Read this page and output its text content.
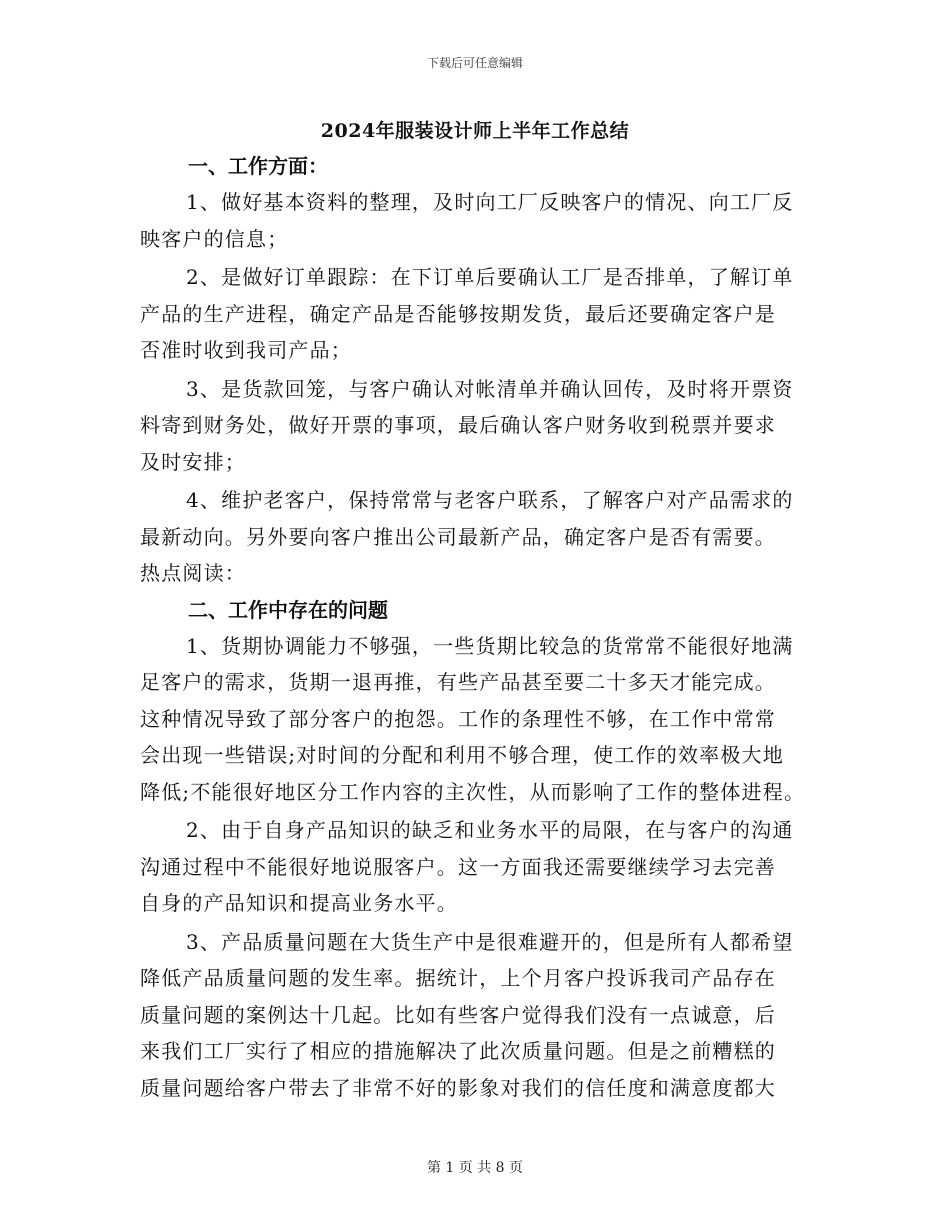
下载后可任意编辑
2024年服装设计师上半年工作总结
一、工作方面：

1、做好基本资料的整理，及时向工厂反映客户的情况、向工厂反
映客户的信息；

2、是做好订单跟踪：在下订单后要确认工厂是否排单，了解订单
产品的生产进程，确定产品是否能够按期发货，最后还要确定客户是
否准时收到我司产品；

3、是货款回笼，与客户确认对帐清单并确认回传，及时将开票资
料寄到财务处，做好开票的事项，最后确认客户财务收到税票并要求
及时安排；

4、维护老客户，保持常常与老客户联系，了解客户对产品需求的
最新动向。另外要向客户推出公司最新产品，确定客户是否有需要。
热点阅读：

二、工作中存在的问题

1、货期协调能力不够强，一些货期比较急的货常常不能很好地满
足客户的需求，货期一退再推，有些产品甚至要二十多天才能完成。
这种情况导致了部分客户的抱怨。工作的条理性不够，在工作中常常
会出现一些错误;对时间的分配和利用不够合理，使工作的效率极大地
降低;不能很好地区分工作内容的主次性，从而影响了工作的整体进程。

2、由于自身产品知识的缺乏和业务水平的局限，在与客户的沟通
沟通过程中不能很好地说服客户。这一方面我还需要继续学习去完善
自身的产品知识和提高业务水平。

3、产品质量问题在大货生产中是很难避开的，但是所有人都希望
降低产品质量问题的发生率。据统计，上个月客户投诉我司产品存在
质量问题的案例达十几起。比如有些客户觉得我们没有一点诚意，后
来我们工厂实行了相应的措施解决了此次质量问题。但是之前糟糕的
质量问题给客户带去了非常不好的影象对我们的信任度和满意度都大

第 1 页 共 8 页
